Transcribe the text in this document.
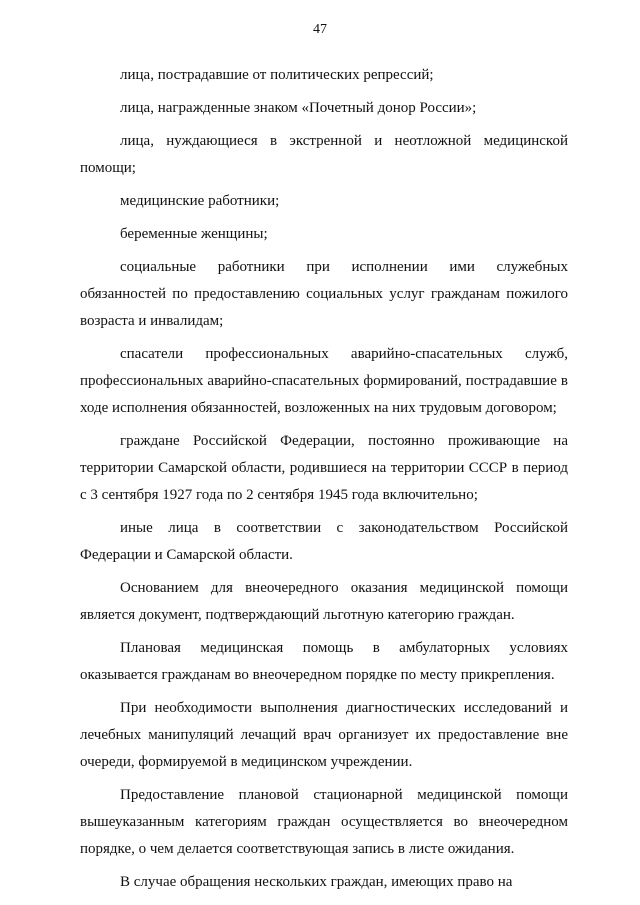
47

лица, пострадавшие от политических репрессий;

лица, награжденные знаком «Почетный донор России»;

лица, нуждающиеся в экстренной и неотложной медицинской помощи;

медицинские работники;

беременные женщины;

социальные работники при исполнении ими служебных обязанностей по предоставлению социальных услуг гражданам пожилого возраста и инвалидам;

спасатели профессиональных аварийно-спасательных служб, профессиональных аварийно-спасательных формирований, пострадавшие в ходе исполнения обязанностей, возложенных на них трудовым договором;

граждане Российской Федерации, постоянно проживающие на территории Самарской области, родившиеся на территории СССР в период с 3 сентября 1927 года по 2 сентября 1945 года включительно;

иные лица в соответствии с законодательством Российской Федерации и Самарской области.

Основанием для внеочередного оказания медицинской помощи является документ, подтверждающий льготную категорию граждан.

Плановая медицинская помощь в амбулаторных условиях оказывается гражданам во внеочередном порядке по месту прикрепления.

При необходимости выполнения диагностических исследований и лечебных манипуляций лечащий врач организует их предоставление вне очереди, формируемой в медицинском учреждении.

Предоставление плановой стационарной медицинской помощи вышеуказанным категориям граждан осуществляется во внеочередном порядке, о чем делается соответствующая запись в листе ожидания.

В случае обращения нескольких граждан, имеющих право на
